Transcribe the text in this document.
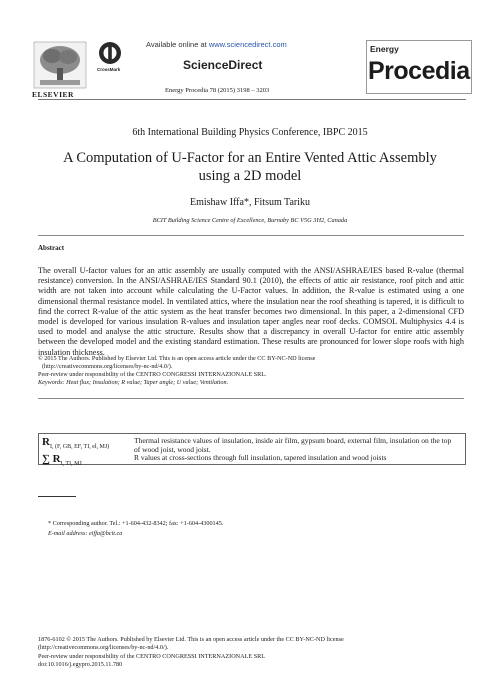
ELSEVIER
CrossMark
Available online at www.sciencedirect.com
ScienceDirect
Energy Procedia 78 (2015) 3198 – 3203
Energy
Procedia
6th International Building Physics Conference, IBPC 2015
A Computation of U-Factor for an Entire Vented Attic Assembly
using a 2D model
Emishaw Iffa*, Fitsum Tariku
BCIT Building Science Centre of Excellence, Burnaby BC V5G 3H2, Canada
Abstract
The overall U-factor values for an attic assembly are usually computed with the ANSI/ASHRAE/IES based R-value (thermal resistance) conversion. In the ANSI/ASHRAE/IES Standard 90.1 (2010), the effects of attic air resistance, roof pitch and attic width are not taken into account while calculating the U-Factor values. In addition, the R-value is estimated using a one dimensional thermal resistance model. In ventilated attics, where the insulation near the roof sheathing is tapered, it is difficult to find the correct R-value of the attic system as the heat transfer becomes two dimensional. In this paper, a 2-dimensional CFD model is developed for various insulation R-values and insulation taper angles near roof decks. COMSOL Multiphysics 4.4 is used to model and analyse the attic structure. Results show that a discrepancy in overall U-factor for entire attic assembly between the developed model and the existing standard estimation. These results are pronounced for lower slope roofs with high insulation thickness.
© 2015 The Authors. Published by Elsevier Ltd. This is an open access article under the CC BY-NC-ND license
(http://creativecommons.org/licenses/by-nc-nd/4.0/).
Peer-review under responsibility of the CENTRO CONGRESSI INTERNAZIONALE SRL.
Keywords: Heat flux; Insulation; R value; Taper angle; U value; Ventilation.
$R_{I, (F, GB, EF, TI, el, MJ)}$
Thermal resistance values of insulation, inside air film, gypsum board, external film, insulation on the top of wood joist, wood joist.
∑ $R_{I, TI, MJ}$
R values at cross-sections through full insulation, tapered insulation and wood joists
* Corresponding author. Tel.: +1-604-432-8342; fax: +1-604-4300145.
E-mail address: eiffa@bcit.ca
1876-6102 © 2015 The Authors. Published by Elsevier Ltd. This is an open access article under the CC BY-NC-ND license
(http://creativecommons.org/licenses/by-nc-nd/4.0/).
Peer-review under responsibility of the CENTRO CONGRESSI INTERNAZIONALE SRL
doi:10.1016/j.egypro.2015.11.780
